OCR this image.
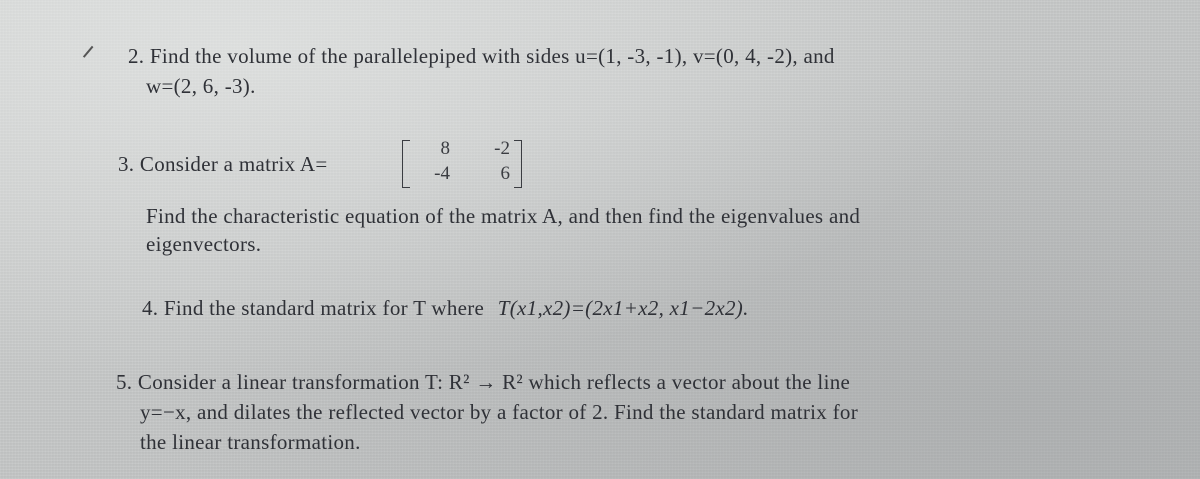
2. Find the volume of the parallelepiped with sides u=(1, -3, -1), v=(0, 4, -2), and
w=(2, 6, -3).
3. Consider a matrix A=
8	-2
-4	6
Find the characteristic equation of the matrix A, and then find the eigenvalues and
eigenvectors.
4. Find the standard matrix for T where T(x1,x2)=(2x1+x2, x1−2x2).
5. Consider a linear transformation T: R² → R² which reflects a vector about the line
y=−x, and dilates the reflected vector by a factor of 2. Find the standard matrix for
the linear transformation.
